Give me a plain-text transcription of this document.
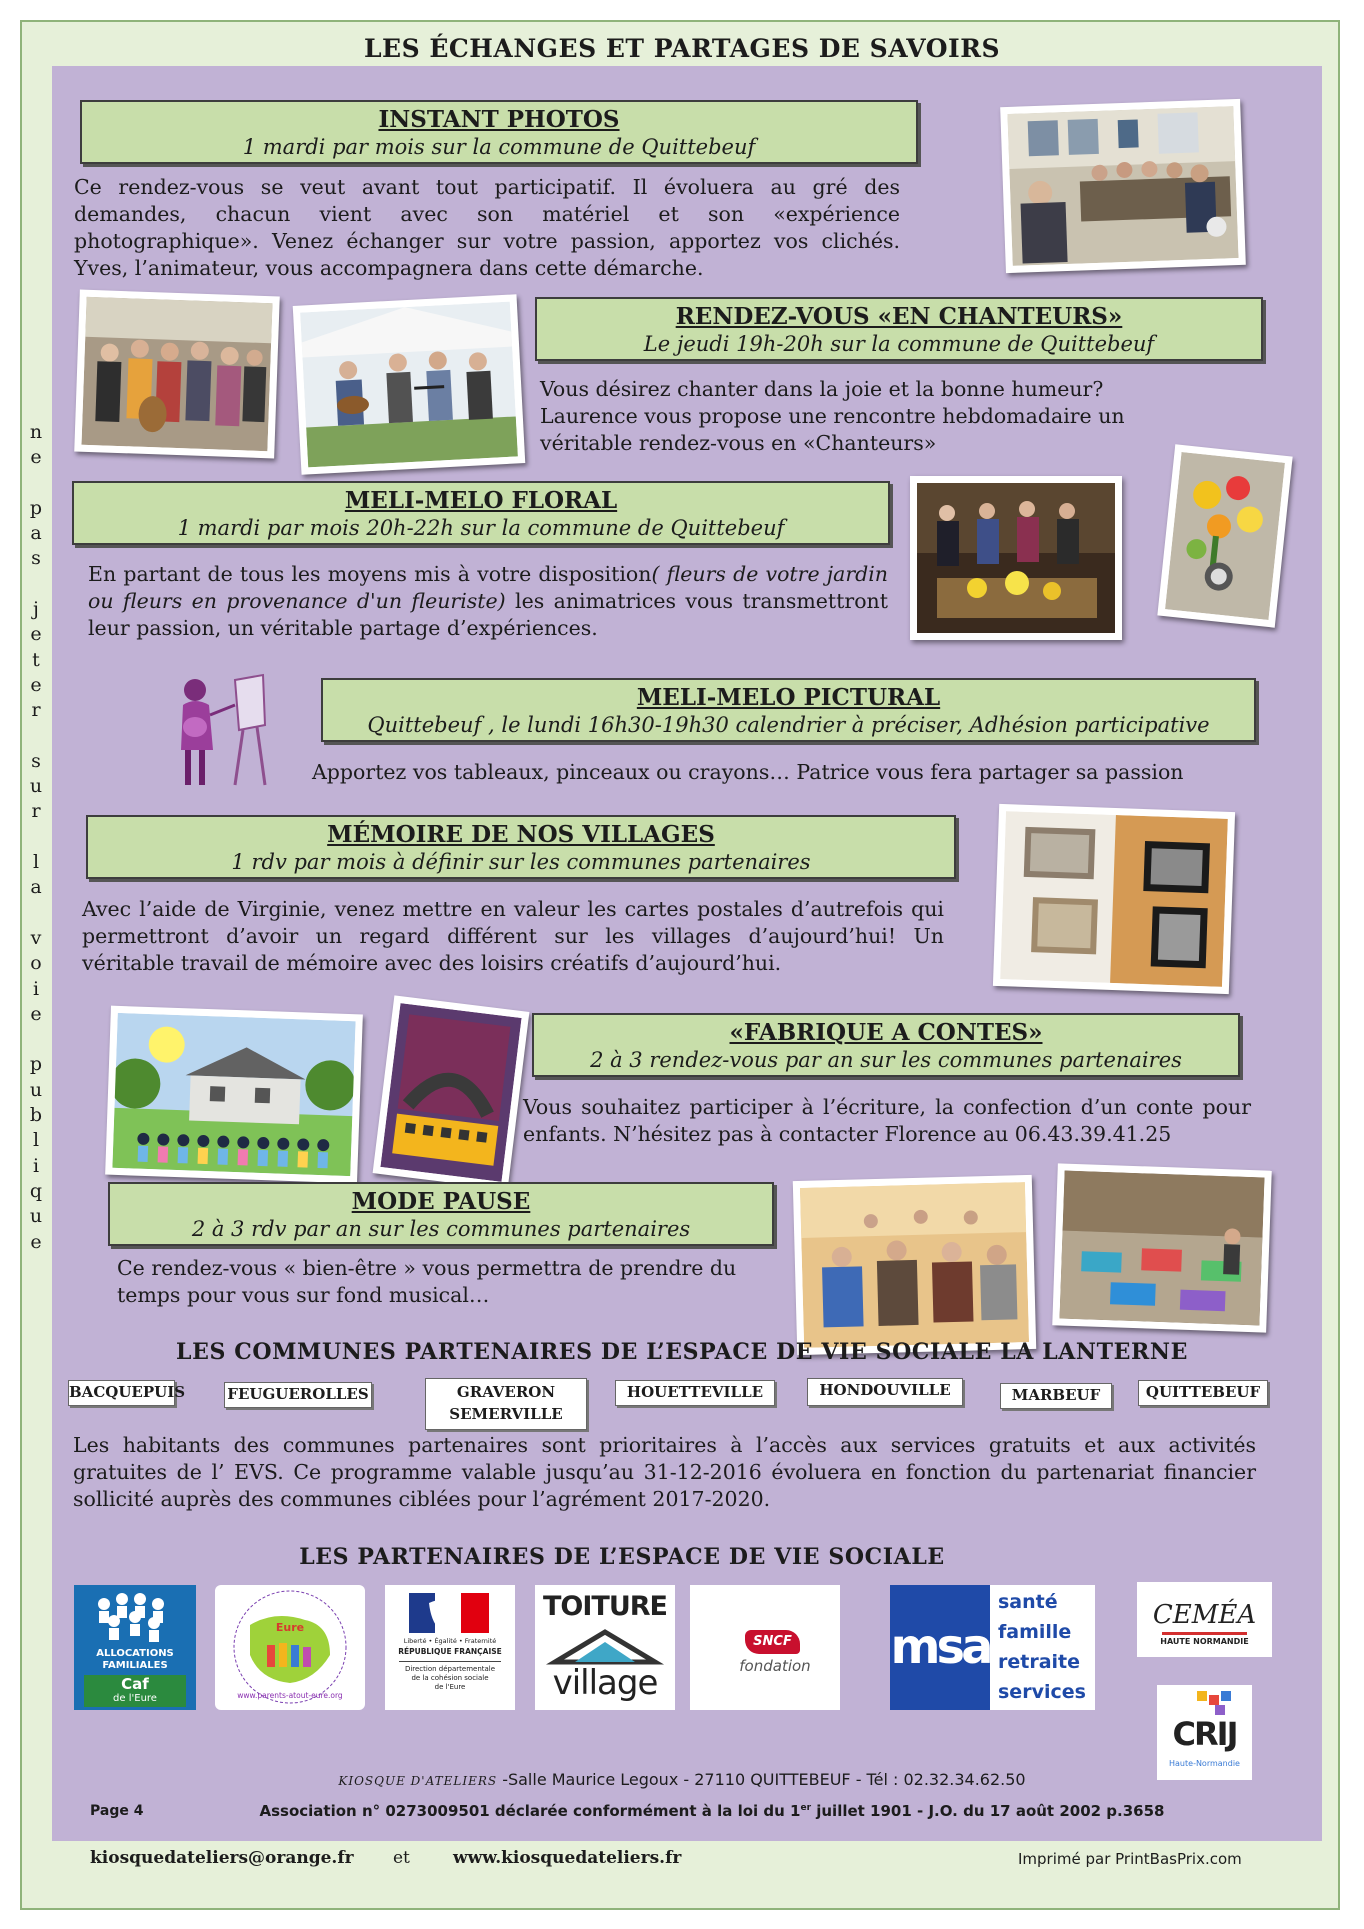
LES ÉCHANGES ET PARTAGES DE SAVOIRS
n
e

p
a
s

j
e
t
e
r

s
u
r

l
a

v
o
i
e

p
u
b
l
i
q
u
e
INSTANT PHOTOS
1 mardi par mois sur la commune de Quittebeuf
Ce rendez-vous se veut avant tout participatif. Il évoluera au gré des demandes, chacun vient avec son matériel et son «expérience photographique». Venez échanger sur votre passion, apportez vos clichés. Yves, l’animateur, vous accompagnera dans cette démarche.
RENDEZ-VOUS «EN CHANTEURS»
Le jeudi 19h-20h sur la commune de Quittebeuf
Vous désirez chanter dans la joie et la bonne humeur? Laurence vous propose une rencontre hebdomadaire un véritable rendez-vous en «Chanteurs»
MELI-MELO FLORAL
1 mardi par mois 20h-22h sur la commune de Quittebeuf
En partant de tous les moyens mis à votre disposition( fleurs de votre jardin ou fleurs en provenance d'un fleuriste) les animatrices vous transmettront leur passion, un véritable partage d’expériences.
MELI-MELO PICTURAL
Quittebeuf , le lundi 16h30-19h30 calendrier à préciser, Adhésion participative
Apportez vos tableaux, pinceaux ou crayons… Patrice vous fera partager sa passion
MÉMOIRE DE NOS VILLAGES
1 rdv par mois à définir sur les communes partenaires
Avec l’aide de Virginie, venez mettre en valeur les cartes postales d’autrefois qui permettront d’avoir un regard différent sur les villages d’aujourd’hui! Un véritable travail de mémoire avec des loisirs créatifs d’aujourd’hui.
«FABRIQUE A CONTES»
2 à 3 rendez-vous par an sur les communes partenaires
Vous souhaitez participer à l’écriture, la confection d’un conte pour enfants. N’hésitez pas à contacter Florence au 06.43.39.41.25
MODE PAUSE
2 à 3 rdv par an sur les communes partenaires
Ce rendez-vous « bien-être » vous permettra de prendre du temps pour vous sur fond musical…
LES COMMUNES PARTENAIRES DE L’ESPACE DE VIE SOCIALE LA LANTERNE
BACQUEPUIS	FEUGUEROLLES	GRAVERON
SEMERVILLE
HOUETTEVILLE	HONDOUVILLE	MARBEUF	QUITTEBEUF
Les habitants des communes partenaires sont prioritaires à l’accès aux services gratuits et aux activités gratuites de l’ EVS. Ce programme valable jusqu’au 31-12-2016 évoluera en fonction du partenariat financier sollicité auprès des communes ciblées pour l’agrément 2017-2020.
LES PARTENAIRES DE L’ESPACE DE VIE SOCIALE
ALLOCATIONS
FAMILIALES
Caf
de l'Eure
Eure
www.parents-atout-eure.org
Liberté • Égalité • Fraternité
RÉPUBLIQUE FRANÇAISE
Direction départementale
de la cohésion sociale
de l'Eure
TOITURE
village
SNCF
fondation msa
santé
famille
retraite
services
CEMÉA
HAUTE NORMANDIE
CRIJ
Haute-Normandie
KIOSQUE D'ATELIERS -Salle Maurice Legoux - 27110 QUITTEBEUF - Tél : 02.32.34.62.50
Page 4	Association n° 0273009501 déclarée conformément à la loi du 1er juillet 1901 - J.O. du 17 août 2002 p.3658
kiosquedateliers@orange.fr et	www.kiosquedateliers.fr	Imprimé par PrintBasPrix.com
